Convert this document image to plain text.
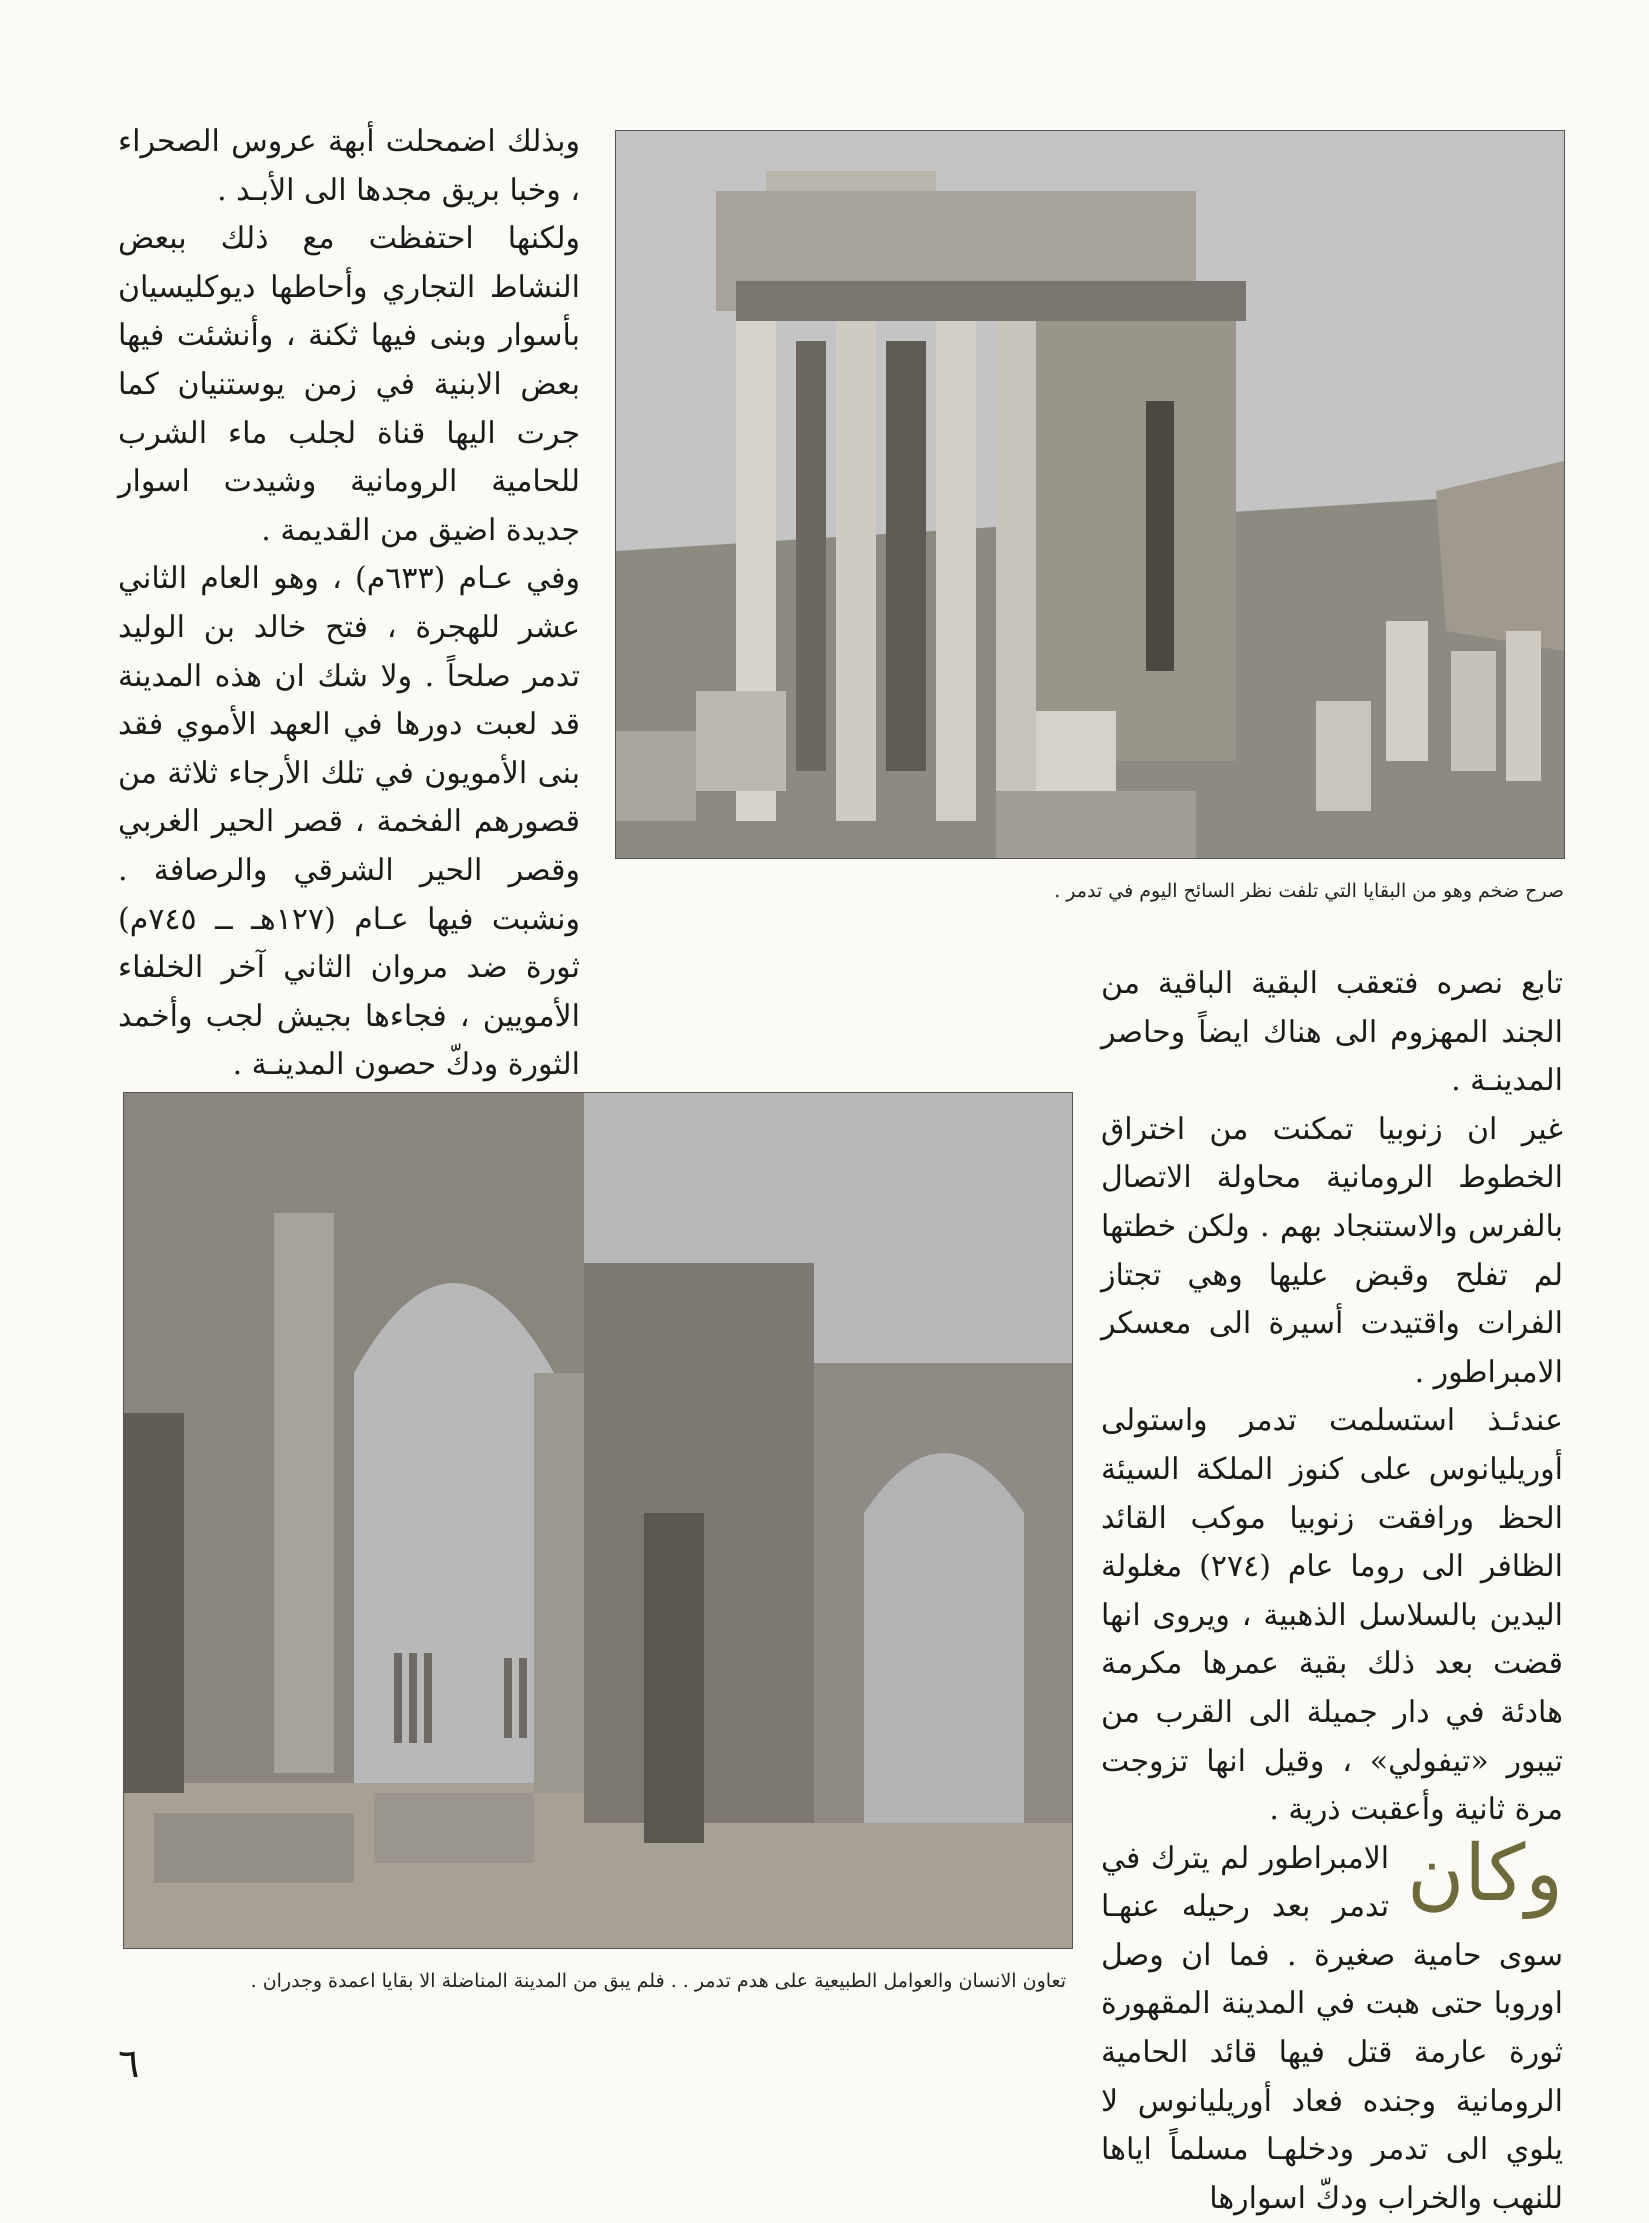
صرح ضخم وهو من البقايا التي تلفت نظر السائح اليوم في تدمر .

وبذلك اضمحلت أبهة عروس الصحراء ، وخبا بريق مجدها الى الأبـد .

ولكنها احتفظت مع ذلك ببعض النشاط التجاري وأحاطها ديوكليسيان بأسوار وبنى فيها ثكنة ، وأنشئت فيها بعض الابنية في زمن يوستنيان كما جرت اليها قناة لجلب ماء الشرب للحامية الرومانية وشيدت اسوار جديدة اضيق من القديمة .

وفي عـام (٦٣٣م) ، وهو العام الثاني عشر للهجرة ، فتح خالد بن الوليد تدمر صلحاً . ولا شك ان هذه المدينة قد لعبت دورها في العهد الأموي فقد بنى الأمويون في تلك الأرجاء ثلاثة من قصورهم الفخمة ، قصر الحير الغربي وقصر الحير الشرقي والرصافة . ونشبت فيها عـام (١٢٧هـ ــ ٧٤٥م) ثورة ضد مروان الثاني آخر الخلفاء الأمويين ، فجاءها بجيش لجب وأخمد الثورة ودكّ حصون المدينـة .

تعاون الانسان والعوامل الطبيعية على هدم تدمر . . فلم يبق من المدينة المناضلة الا بقايا اعمدة وجدران .

تابع نصره فتعقب البقية الباقية من الجند المهزوم الى هناك ايضاً وحاصر المدينـة .

غير ان زنوبيا تمكنت من اختراق الخطوط الرومانية محاولة الاتصال بالفرس والاستنجاد بهم . ولكن خطتها لم تفلح وقبض عليها وهي تجتاز الفرات واقتيدت أسيرة الى معسكر الامبراطور .

عندئـذ استسلمت تدمر واستولى أوريليانوس على كنوز الملكة السيئة الحظ ورافقت زنوبيا موكب القائد الظافر الى روما عام (٢٧٤) مغلولة اليدين بالسلاسل الذهبية ، ويروى انها قضت بعد ذلك بقية عمرها مكرمة هادئة في دار جميلة الى القرب من تيبور «تيفولي» ، وقيل انها تزوجت مرة ثانية وأعقبت ذرية .

وكان
الامبراطور لم يترك في تدمر بعد رحيله عنهـا سوى حامية صغيرة . فما ان وصل اوروبا حتى هبت في المدينة المقهورة ثورة عارمة قتل فيها قائد الحامية الرومانية وجنده فعاد أوريليانوس لا يلوي الى تدمر ودخلهـا مسلماً اياها للنهب والخراب ودكّ اسوارها

٦
